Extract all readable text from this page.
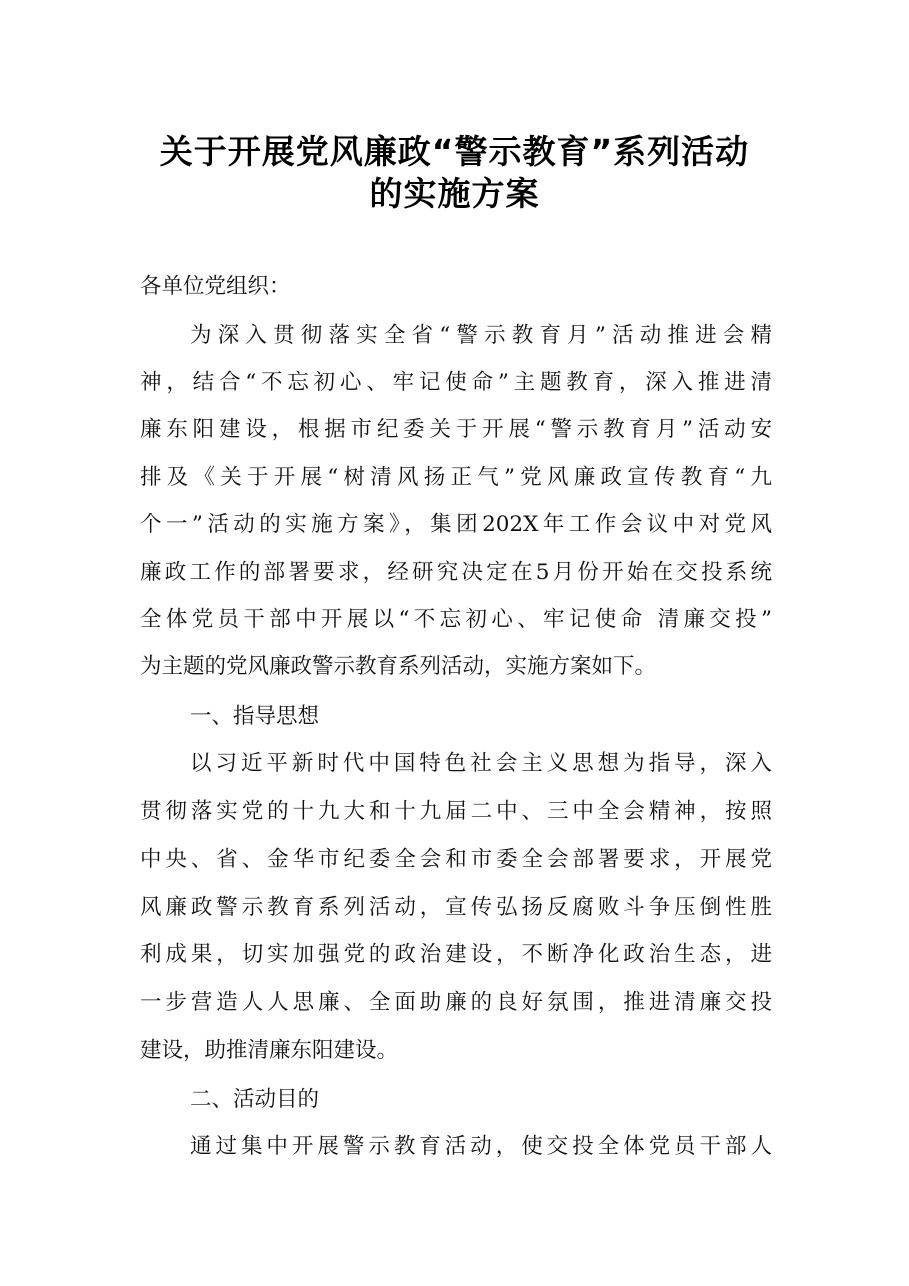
关于开展党风廉政“警示教育”系列活动
的实施方案
各单位党组织：
为深入贯彻落实全省“警示教育月”活动推进会精
神，结合“不忘初心、牢记使命”主题教育，深入推进清
廉东阳建设，根据市纪委关于开展“警示教育月”活动安
排及《关于开展“树清风扬正气”党风廉政宣传教育“九
个一”活动的实施方案》，集团202X年工作会议中对党风
廉政工作的部署要求，经研究决定在5月份开始在交投系统
全体党员干部中开展以“不忘初心、牢记使命 清廉交投”
为主题的党风廉政警示教育系列活动，实施方案如下。
一、指导思想
以习近平新时代中国特色社会主义思想为指导，深入
贯彻落实党的十九大和十九届二中、三中全会精神，按照
中央、省、金华市纪委全会和市委全会部署要求，开展党
风廉政警示教育系列活动，宣传弘扬反腐败斗争压倒性胜
利成果，切实加强党的政治建设，不断净化政治生态，进
一步营造人人思廉、全面助廉的良好氛围，推进清廉交投
建设，助推清廉东阳建设。
二、活动目的
通过集中开展警示教育活动，使交投全体党员干部人
